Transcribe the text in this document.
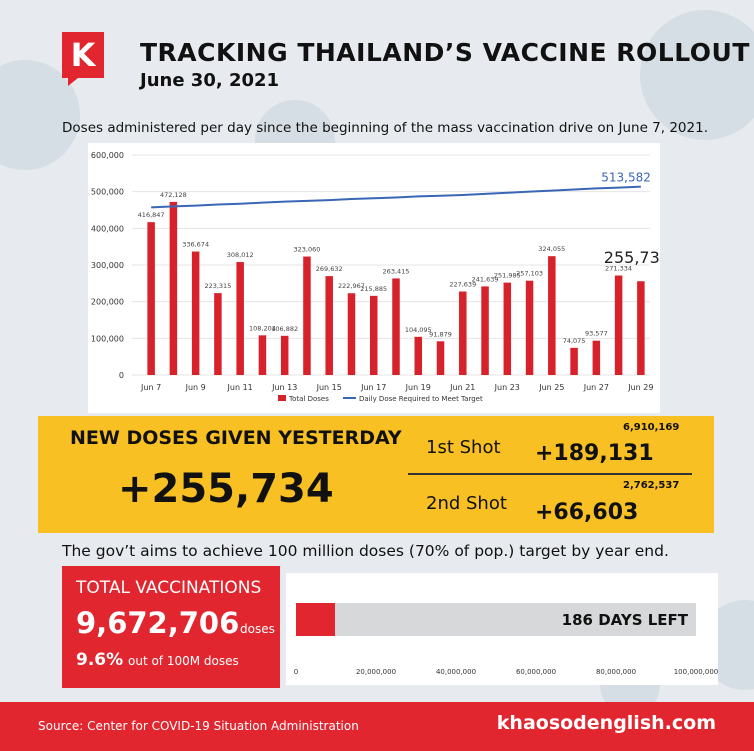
K TRACKING THAILAND’S VACCINE ROLLOUT
June 30, 2021
Doses administered per day since the beginning of the mass vaccination drive on June 7, 2021.
0
100,000
200,000
300,000
400,000
500,000
600,000
416,847
472,128
336,674
223,315
308,012
108,204
106,882
323,060
269,632
222,967
215,885
263,415
104,095
91,879
227,639
241,639
251,985
257,103
324,055
74,075
93,577
271,334
Jun 7	Jun 9	Jun 11 Jun 13 Jun 15 Jun 17 Jun 19 Jun 21 Jun 23 Jun 25 Jun 27 Jun 29
513,582
255,73
Total Doses	Daily Dose Required to Meet Target
NEW DOSES GIVEN YESTERDAY
+255,734
1st Shot
6,910,169
+189,131
2,762,537
2nd Shot +66,603
The gov’t aims to achieve 100 million doses (70% of pop.) target by year end.
TOTAL VACCINATIONS
9,672,706 doses
9.6% out of 100M doses
186 DAYS LEFT
0	20,000,000	40,000,000	60,000,000	80,000,000	100,000,000
Source: Center for COVID-19 Situation Administration	khaosodenglish.com
